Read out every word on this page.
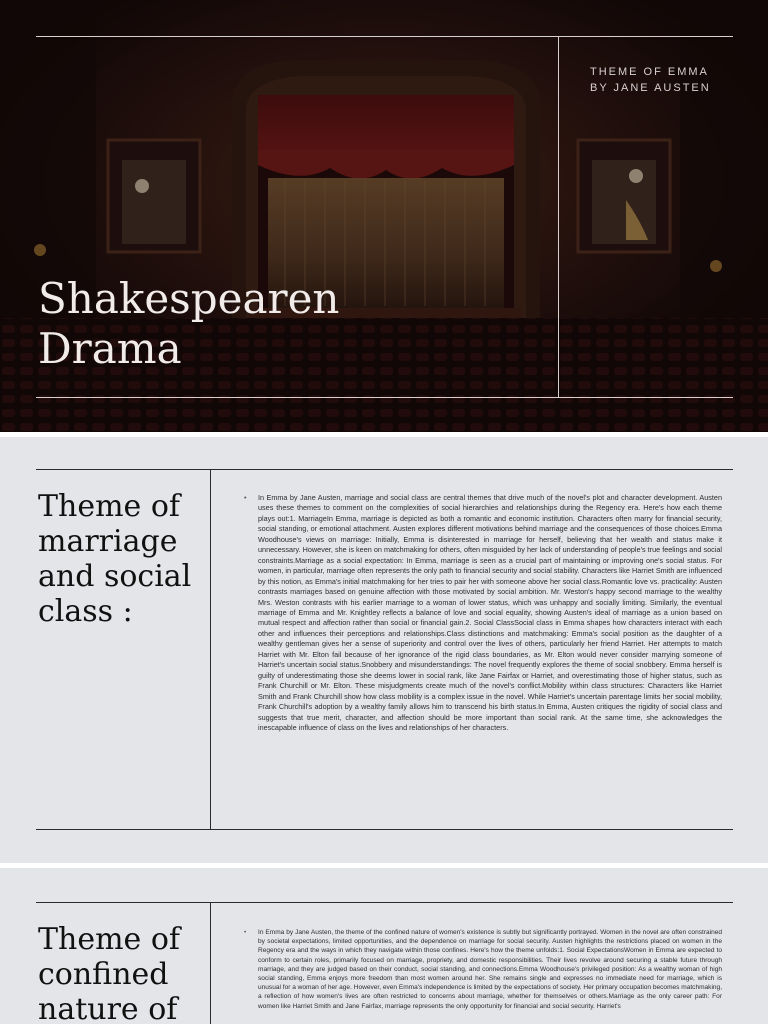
THEME OF EMMA
BY JANE AUSTEN
Shakespearen
Drama
Theme of marriage and social class :
• In Emma by Jane Austen, marriage and social class are central themes that drive much of the novel's plot and character development. Austen uses these themes to comment on the complexities of social hierarchies and relationships during the Regency era. Here's how each theme plays out:1. MarriageIn Emma, marriage is depicted as both a romantic and economic institution. Characters often marry for financial security, social standing, or emotional attachment. Austen explores different motivations behind marriage and the consequences of those choices.Emma Woodhouse's views on marriage: Initially, Emma is disinterested in marriage for herself, believing that her wealth and status make it unnecessary. However, she is keen on matchmaking for others, often misguided by her lack of understanding of people's true feelings and social constraints.Marriage as a social expectation: In Emma, marriage is seen as a crucial part of maintaining or improving one's social status. For women, in particular, marriage often represents the only path to financial security and social stability. Characters like Harriet Smith are influenced by this notion, as Emma's initial matchmaking for her tries to pair her with someone above her social class.Romantic love vs. practicality: Austen contrasts marriages based on genuine affection with those motivated by social ambition. Mr. Weston's happy second marriage to the wealthy Mrs. Weston contrasts with his earlier marriage to a woman of lower status, which was unhappy and socially limiting. Similarly, the eventual marriage of Emma and Mr. Knightley reflects a balance of love and social equality, showing Austen's ideal of marriage as a union based on mutual respect and affection rather than social or financial gain.2. Social ClassSocial class in Emma shapes how characters interact with each other and influences their perceptions and relationships.Class distinctions and matchmaking: Emma's social position as the daughter of a wealthy gentleman gives her a sense of superiority and control over the lives of others, particularly her friend Harriet. Her attempts to match Harriet with Mr. Elton fail because of her ignorance of the rigid class boundaries, as Mr. Elton would never consider marrying someone of Harriet's uncertain social status.Snobbery and misunderstandings: The novel frequently explores the theme of social snobbery. Emma herself is guilty of underestimating those she deems lower in social rank, like Jane Fairfax or Harriet, and overestimating those of higher status, such as Frank Churchill or Mr. Elton. These misjudgments create much of the novel's conflict.Mobility within class structures: Characters like Harriet Smith and Frank Churchill show how class mobility is a complex issue in the novel. While Harriet's uncertain parentage limits her social mobility, Frank Churchill's adoption by a wealthy family allows him to transcend his birth status.In Emma, Austen critiques the rigidity of social class and suggests that true merit, character, and affection should be more important than social rank. At the same time, she acknowledges the inescapable influence of class on the lives and relationships of her characters.
Theme of confined nature of
• In Emma by Jane Austen, the theme of the confined nature of women's existence is subtly but significantly portrayed. Women in the novel are often constrained by societal expectations, limited opportunities, and the dependence on marriage for social security. Austen highlights the restrictions placed on women in the Regency era and the ways in which they navigate within those confines. Here's how the theme unfolds:1. Social ExpectationsWomen in Emma are expected to conform to certain roles, primarily focused on marriage, propriety, and domestic responsibilities. Their lives revolve around securing a stable future through marriage, and they are judged based on their conduct, social standing, and connections.Emma Woodhouse's privileged position: As a wealthy woman of high social standing, Emma enjoys more freedom than most women around her. She remains single and expresses no immediate need for marriage, which is unusual for a woman of her age. However, even Emma's independence is limited by the expectations of society. Her primary occupation becomes matchmaking, a reflection of how women's lives are often restricted to concerns about marriage, whether for themselves or others.Marriage as the only career path: For women like Harriet Smith and Jane Fairfax, marriage represents the only opportunity for financial and social security. Harriet's
